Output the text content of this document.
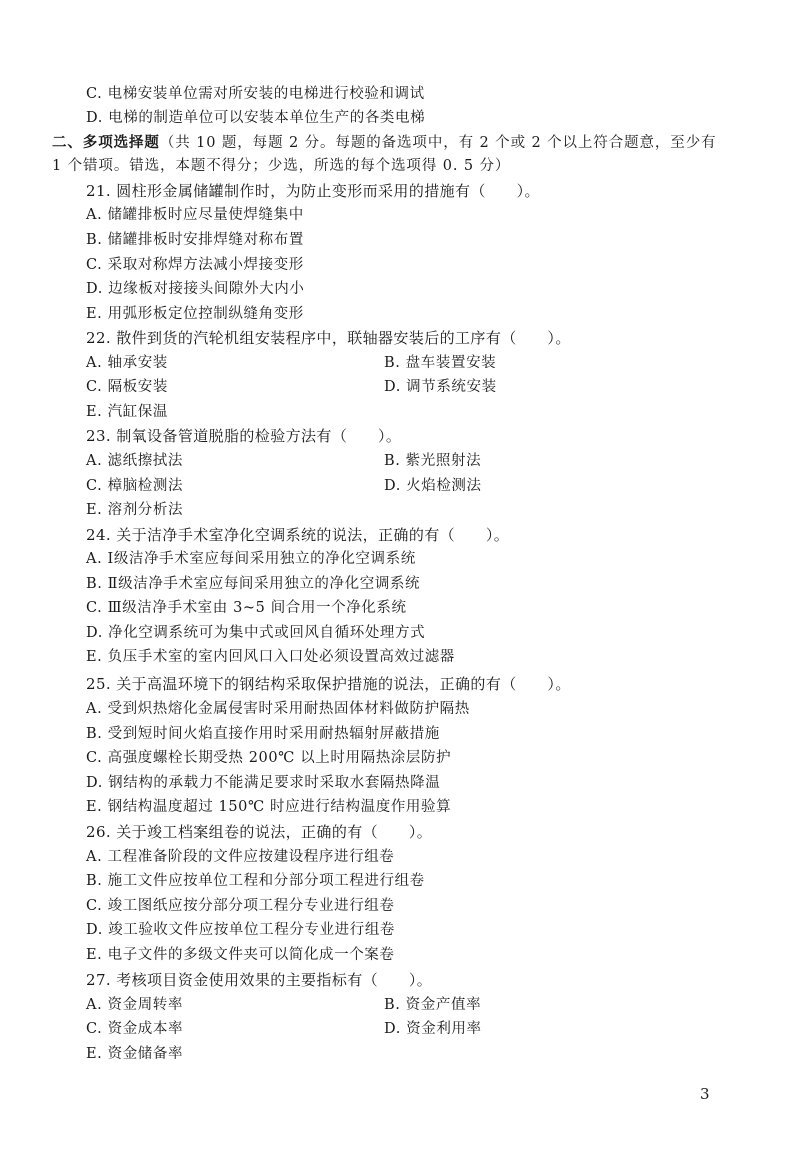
C. 电梯安装单位需对所安装的电梯进行校验和调试
D. 电梯的制造单位可以安装本单位生产的各类电梯
二、多项选择题（共 10 题，每题 2 分。每题的备选项中，有 2 个或 2 个以上符合题意，至少有 1 个错项。错选，本题不得分；少选，所选的每个选项得 0. 5 分）
21. 圆柱形金属储罐制作时，为防止变形而采用的措施有（　　）。
A. 储罐排板时应尽量使焊缝集中
B. 储罐排板时安排焊缝对称布置
C. 采取对称焊方法减小焊接变形
D. 边缘板对接接头间隙外大内小
E. 用弧形板定位控制纵缝角变形
22. 散件到货的汽轮机组安装程序中，联轴器安装后的工序有（　　）。
A. 轴承安装	B. 盘车装置安装
C. 隔板安装	D. 调节系统安装
E. 汽缸保温
23. 制氧设备管道脱脂的检验方法有（　　）。
A. 滤纸擦拭法	B. 紫光照射法
C. 樟脑检测法	D. 火焰检测法
E. 溶剂分析法
24. 关于洁净手术室净化空调系统的说法，正确的有（　　）。
A. Ⅰ级洁净手术室应每间采用独立的净化空调系统
B. Ⅱ级洁净手术室应每间采用独立的净化空调系统
C. Ⅲ级洁净手术室由 3~5 间合用一个净化系统
D. 净化空调系统可为集中式或回风自循环处理方式
E. 负压手术室的室内回风口入口处必须设置高效过滤器
25. 关于高温环境下的钢结构采取保护措施的说法，正确的有（　　）。
A. 受到炽热熔化金属侵害时采用耐热固体材料做防护隔热
B. 受到短时间火焰直接作用时采用耐热辐射屏蔽措施
C. 高强度螺栓长期受热 200℃ 以上时用隔热涂层防护
D. 钢结构的承载力不能满足要求时采取水套隔热降温
E. 钢结构温度超过 150℃ 时应进行结构温度作用验算
26. 关于竣工档案组卷的说法，正确的有（　　）。
A. 工程准备阶段的文件应按建设程序进行组卷
B. 施工文件应按单位工程和分部分项工程进行组卷
C. 竣工图纸应按分部分项工程分专业进行组卷
D. 竣工验收文件应按单位工程分专业进行组卷
E. 电子文件的多级文件夹可以简化成一个案卷
27. 考核项目资金使用效果的主要指标有（　　）。
A. 资金周转率	B. 资金产值率
C. 资金成本率	D. 资金利用率
E. 资金储备率
3
